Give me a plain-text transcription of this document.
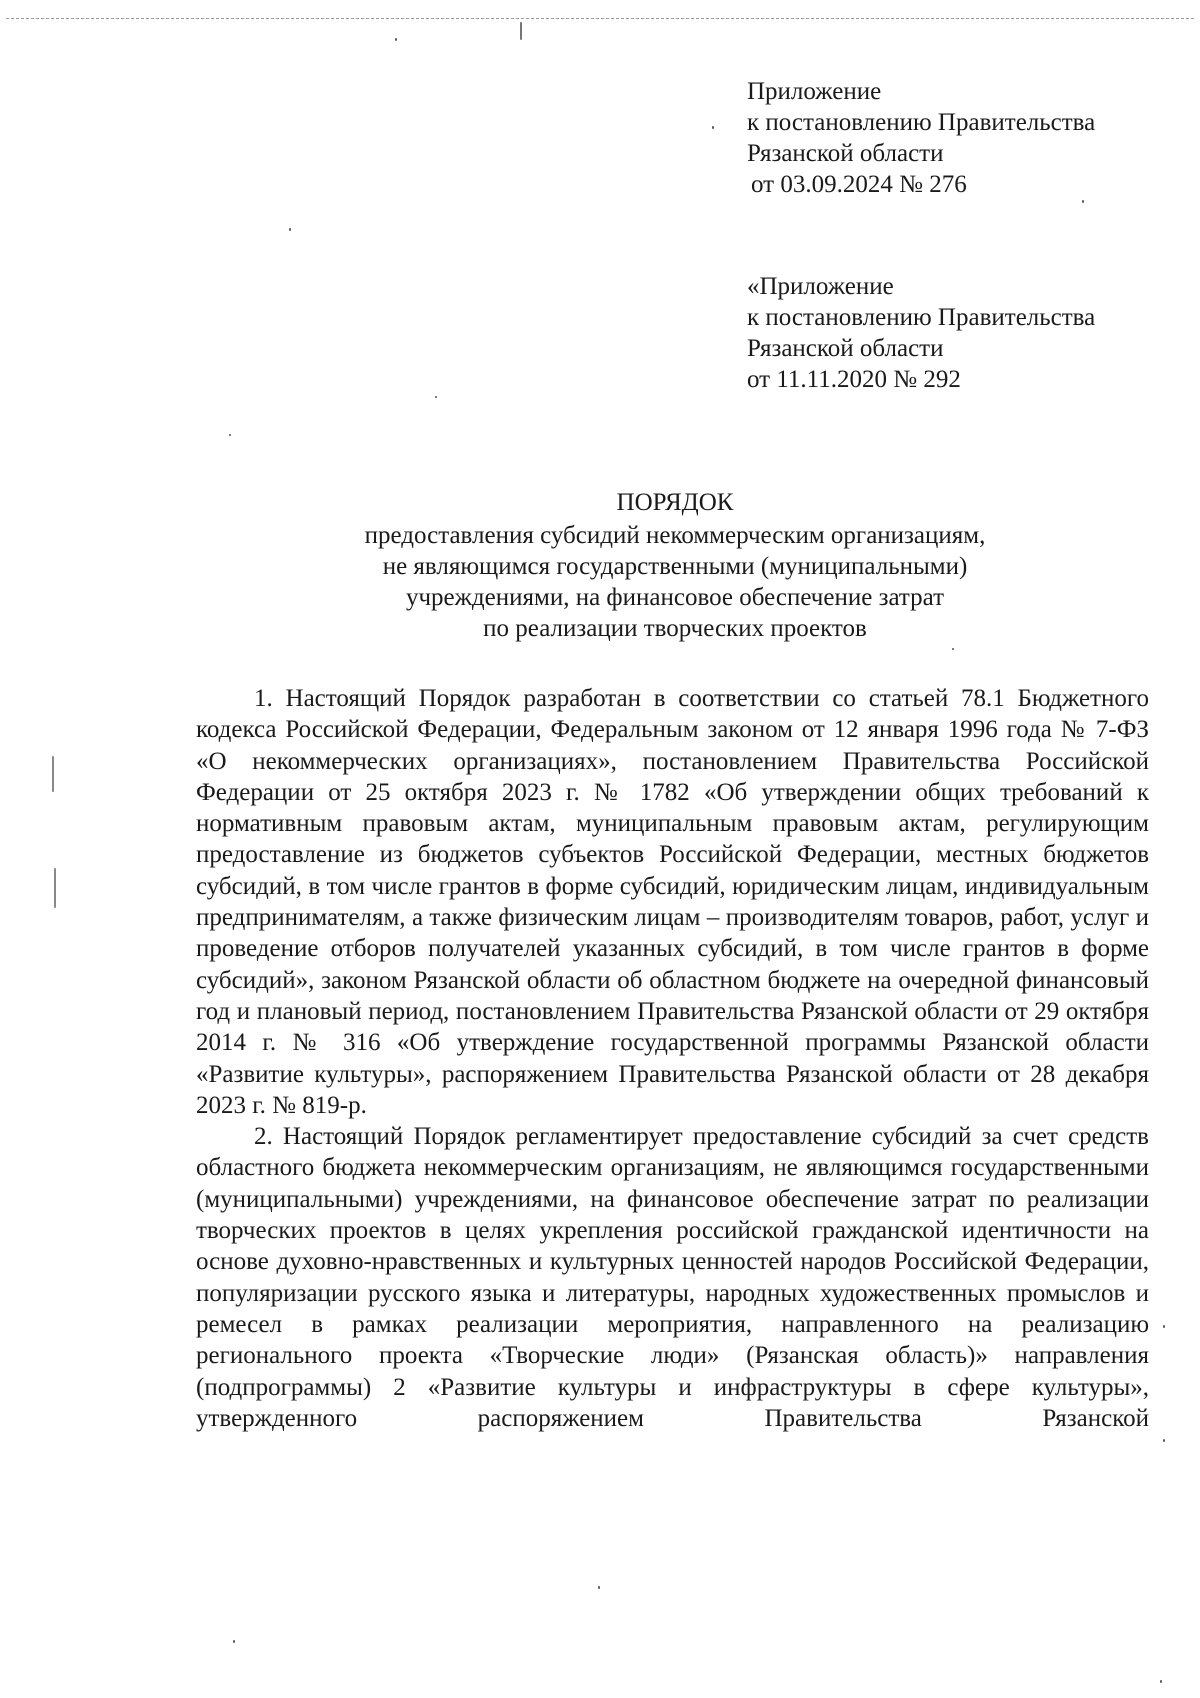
Приложение
к постановлению Правительства
Рязанской области
от 03.09.2024 № 276
«Приложение
к постановлению Правительства
Рязанской области
от 11.11.2020 № 292
ПОРЯДОК
предоставления субсидий некоммерческим организациям,
не являющимся государственными (муниципальными)
учреждениями, на финансовое обеспечение затрат
по реализации творческих проектов

1. Настоящий Порядок разработан в соответствии со статьей 78.1 Бюджетного кодекса Российской Федерации, Федеральным законом от 12 января 1996 года № 7-ФЗ «О некоммерческих организациях», постановлением Правительства Российской Федерации от 25 октября 2023 г. № 1782 «Об утверждении общих требований к нормативным правовым актам, муниципальным правовым актам, регулирующим предоставление из бюджетов субъектов Российской Федерации, местных бюджетов субсидий, в том числе грантов в форме субсидий, юридическим лицам, индивидуальным предпринимателям, а также физическим лицам – производителям товаров, работ, услуг и проведение отборов получателей указанных субсидий, в том числе грантов в форме субсидий», законом Рязанской области об областном бюджете на очередной финансовый год и плановый период, постановлением Правительства Рязанской области от 29 октября 2014 г. № 316 «Об утверждение государственной программы Рязанской области «Развитие культуры», распоряжением Правительства Рязанской области от 28 декабря 2023 г. № 819-р.

2. Настоящий Порядок регламентирует предоставление субсидий за счет средств областного бюджета некоммерческим организациям, не являющимся государственными (муниципальными) учреждениями, на финансовое обеспечение затрат по реализации творческих проектов в целях укрепления российской гражданской идентичности на основе духовно-нравственных и культурных ценностей народов Российской Федерации, популяризации русского языка и литературы, народных художественных промыслов и ремесел в рамках реализации мероприятия, направленного на реализацию регионального проекта «Творческие люди» (Рязанская область)» направления (подпрограммы) 2 «Развитие культуры и инфраструктуры в сфере культуры», утвержденного распоряжением Правительства Рязанской
